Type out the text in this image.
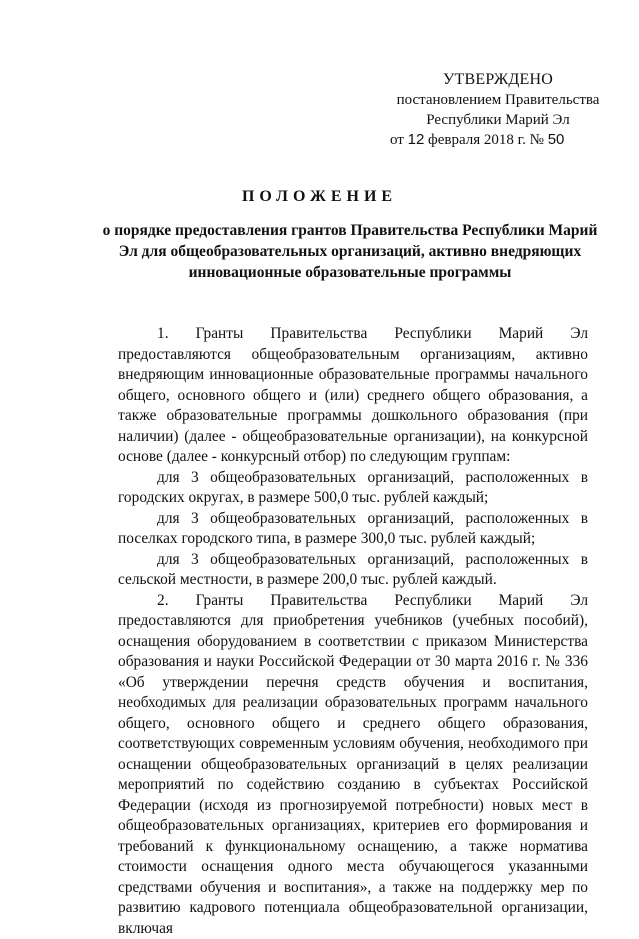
УТВЕРЖДЕНО
постановлением Правительства
Республики Марий Эл
от 12 февраля 2018 г. № 50
ПОЛОЖЕНИЕ
о порядке предоставления грантов Правительства Республики Марий Эл для общеобразовательных организаций, активно внедряющих инновационные образовательные программы

1. Гранты Правительства Республики Марий Эл предоставляются общеобразовательным организациям, активно внедряющим инновационные образовательные программы начального общего, основного общего и (или) среднего общего образования, а также образовательные программы дошкольного образования (при наличии) (далее - общеобразовательные организации), на конкурсной основе (далее - конкурсный отбор) по следующим группам:

для 3 общеобразовательных организаций, расположенных в городских округах, в размере 500,0 тыс. рублей каждый;

для 3 общеобразовательных организаций, расположенных в поселках городского типа, в размере 300,0 тыс. рублей каждый;

для 3 общеобразовательных организаций, расположенных в сельской местности, в размере 200,0 тыс. рублей каждый.

2. Гранты Правительства Республики Марий Эл предоставляются для приобретения учебников (учебных пособий), оснащения оборудованием в соответствии с приказом Министерства образования и науки Российской Федерации от 30 марта 2016 г. № 336 «Об утверждении перечня средств обучения и воспитания, необходимых для реализации образовательных программ начального общего, основного общего и среднего общего образования, соответствующих современным условиям обучения, необходимого при оснащении общеобразовательных организаций в целях реализации мероприятий по содействию созданию в субъектах Российской Федерации (исходя из прогнозируемой потребности) новых мест в общеобразовательных организациях, критериев его формирования и требований к функциональному оснащению, а также норматива стоимости оснащения одного места обучающегося указанными средствами обучения и воспитания», а также на поддержку мер по развитию кадрового потенциала общеобразовательной организации, включая
